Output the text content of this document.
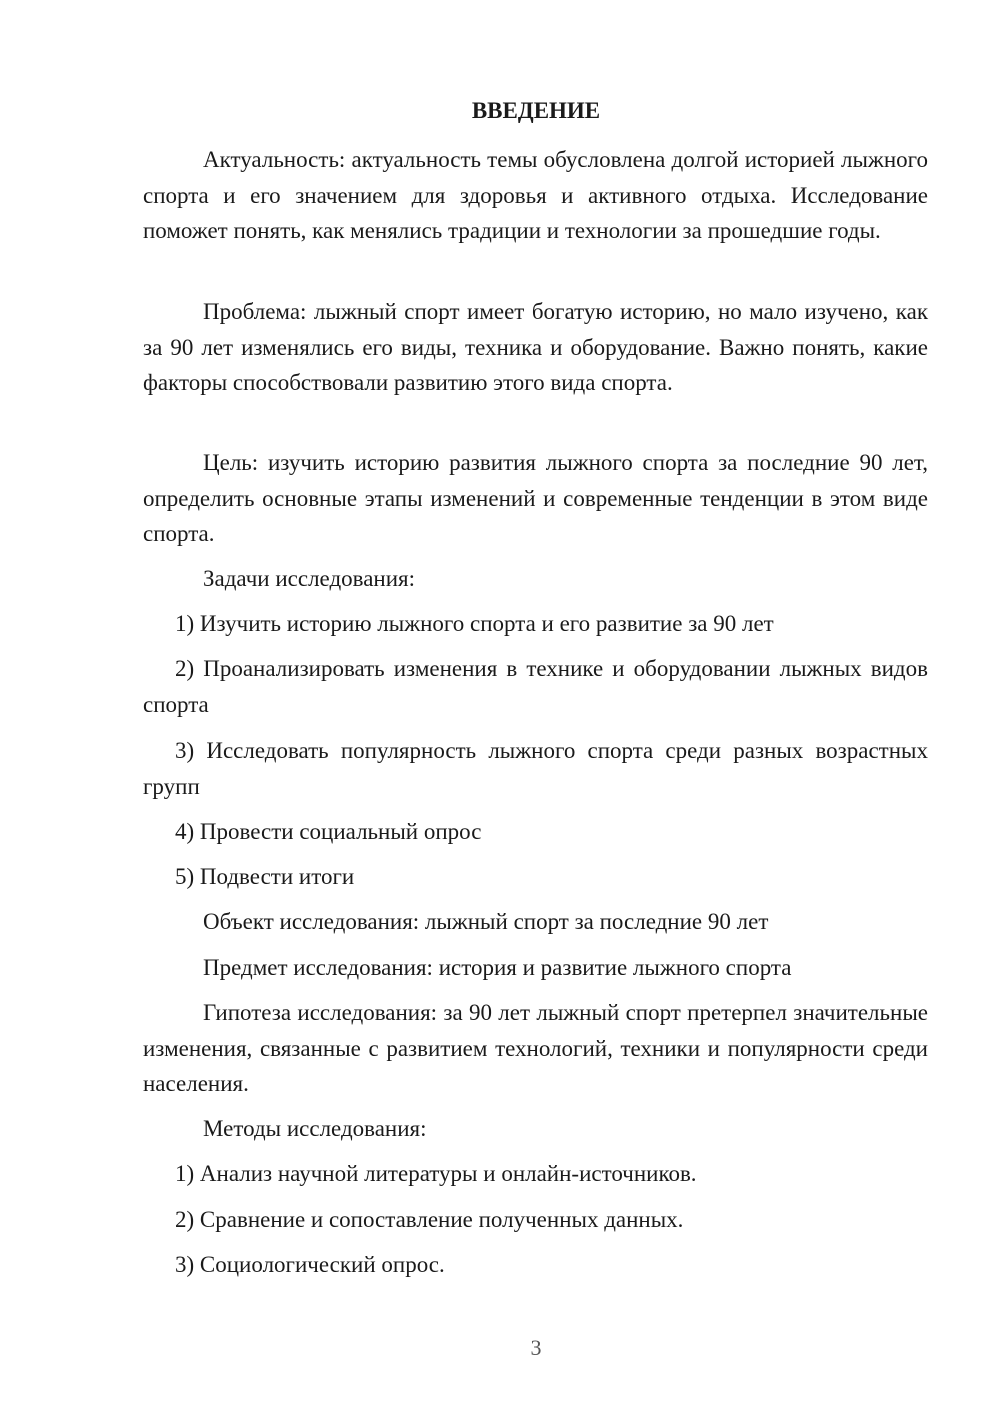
ВВЕДЕНИЕ

Актуальность: актуальность темы обусловлена долгой историей лыжного спорта и его значением для здоровья и активного отдыха. Исследование поможет понять, как менялись традиции и технологии за прошедшие годы.

Проблема: лыжный спорт имеет богатую историю, но мало изучено, как за 90 лет изменялись его виды, техника и оборудование. Важно понять, какие факторы способствовали развитию этого вида спорта.

Цель: изучить историю развития лыжного спорта за последние 90 лет, определить основные этапы изменений и современные тенденции в этом виде спорта.

Задачи исследования:

1) Изучить историю лыжного спорта и его развитие за 90 лет

2) Проанализировать изменения в технике и оборудовании лыжных видов спорта

3) Исследовать популярность лыжного спорта среди разных возрастных групп

4) Провести социальный опрос

5) Подвести итоги

Объект исследования: лыжный спорт за последние 90 лет

Предмет исследования: история и развитие лыжного спорта

Гипотеза исследования: за 90 лет лыжный спорт претерпел значительные изменения, связанные с развитием технологий, техники и популярности среди населения.

Методы исследования:

1) Анализ научной литературы и онлайн-источников.

2) Сравнение и сопоставление полученных данных.

3) Социологический опрос.

3
